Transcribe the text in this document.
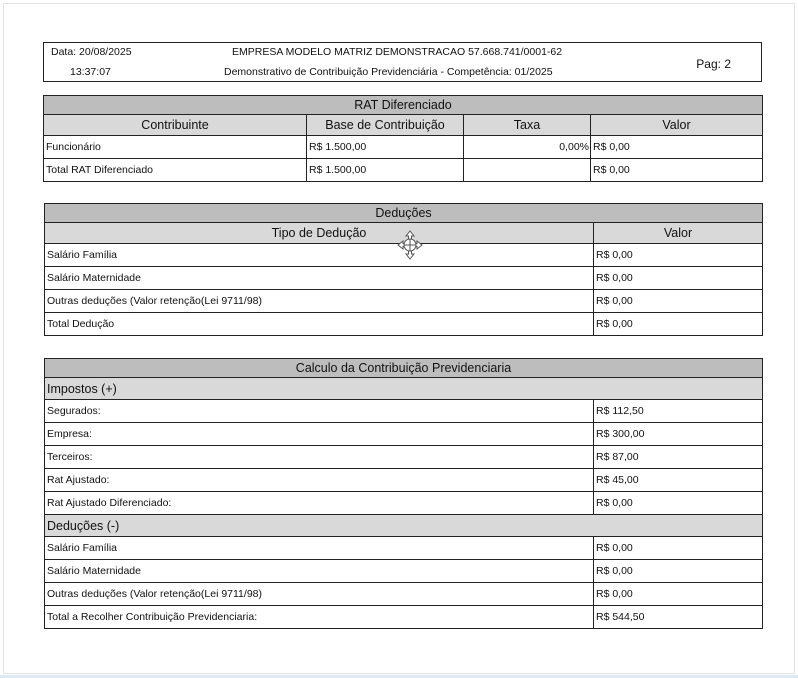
Data: 20/08/2025
13:37:07
EMPRESA MODELO MATRIZ DEMONSTRACAO 57.668.741/0001-62
Demonstrativo de Contribuição Previdenciária - Competência: 01/2025
Pag: 2
RAT Diferenciado			
Contribuinte	Base de Contribuição	Taxa	Valor
Funcionário	R$ 1.500,00	0,00%	R$ 0,00
Total RAT Diferenciado	R$ 1.500,00		R$ 0,00
Deduções	
Tipo de Dedução	Valor
Salário Família	R$ 0,00
Salário Maternidade	R$ 0,00
Outras deduções (Valor retenção(Lei 9711/98)	R$ 0,00
Total Dedução	R$ 0,00
Calculo da Contribuição Previdenciaria	
Impostos (+)	
Segurados:	R$ 112,50
Empresa:	R$ 300,00
Terceiros:	R$ 87,00
Rat Ajustado:	R$ 45,00
Rat Ajustado Diferenciado:	R$ 0,00
Deduções (-)	
Salário Família	R$ 0,00
Salário Maternidade	R$ 0,00
Outras deduções (Valor retenção(Lei 9711/98)	R$ 0,00
Total a Recolher Contribuição Previdenciaria:	R$ 544,50
